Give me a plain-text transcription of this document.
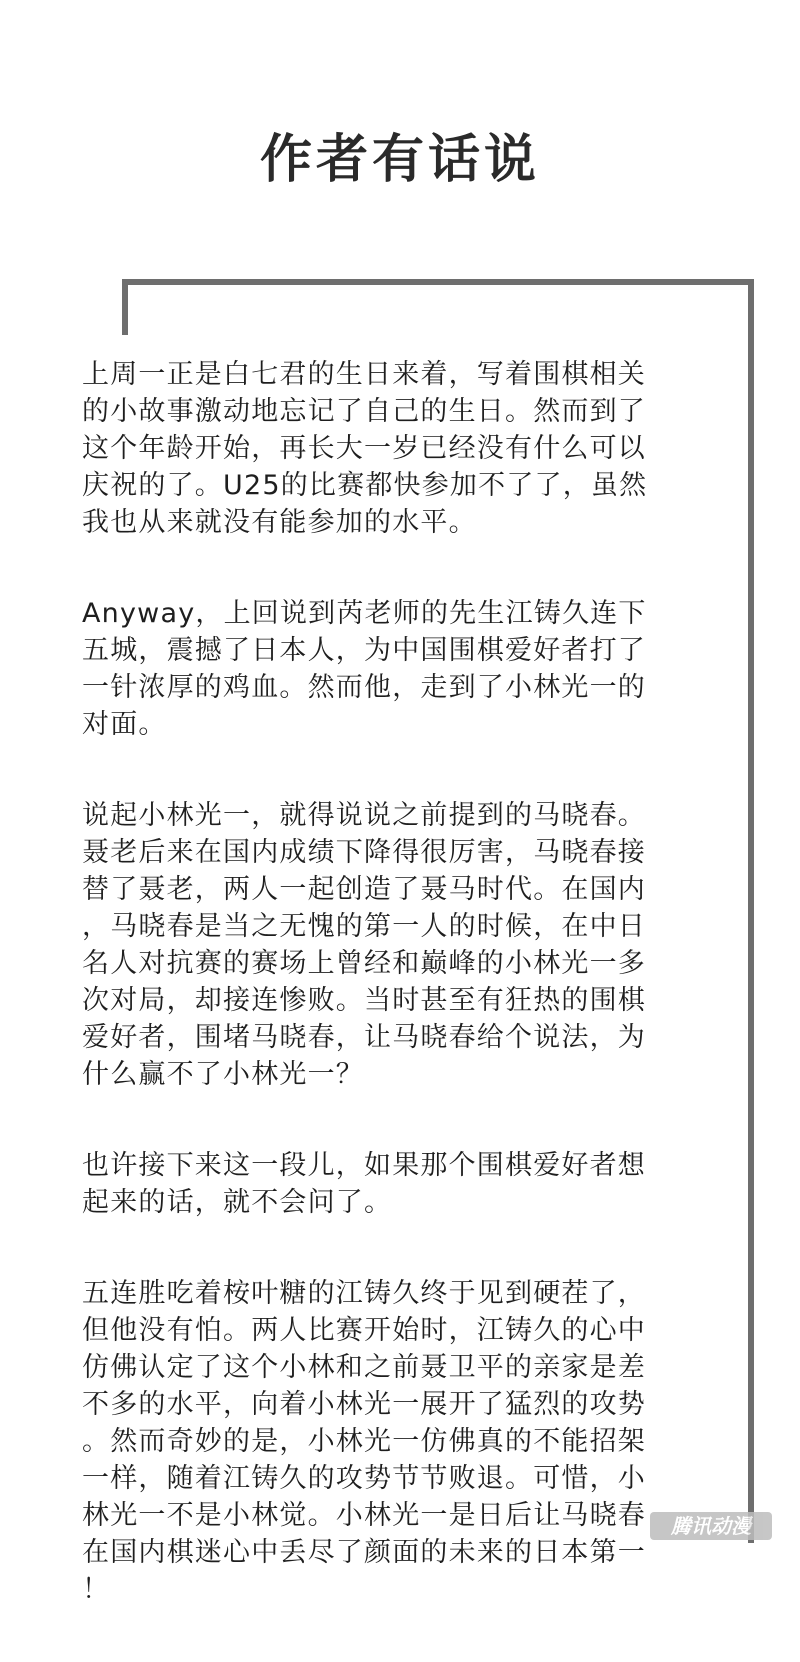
作者有话说
上周一正是白七君的生日来着，写着围棋相关
的小故事激动地忘记了自己的生日。然而到了
这个年龄开始，再长大一岁已经没有什么可以
庆祝的了。U25的比赛都快参加不了了，虽然
我也从来就没有能参加的水平。
Anyway，上回说到芮老师的先生江铸久连下
五城，震撼了日本人，为中国围棋爱好者打了
一针浓厚的鸡血。然而他，走到了小林光一的
对面。
说起小林光一，就得说说之前提到的马晓春。
聂老后来在国内成绩下降得很厉害，马晓春接
替了聂老，两人一起创造了聂马时代。在国内
，马晓春是当之无愧的第一人的时候，在中日
名人对抗赛的赛场上曾经和巅峰的小林光一多
次对局，却接连惨败。当时甚至有狂热的围棋
爱好者，围堵马晓春，让马晓春给个说法，为
什么赢不了小林光一？
也许接下来这一段儿，如果那个围棋爱好者想
起来的话，就不会问了。
五连胜吃着桉叶糖的江铸久终于见到硬茬了，
但他没有怕。两人比赛开始时，江铸久的心中
仿佛认定了这个小林和之前聂卫平的亲家是差
不多的水平，向着小林光一展开了猛烈的攻势
。然而奇妙的是，小林光一仿佛真的不能招架
一样，随着江铸久的攻势节节败退。可惜，小
林光一不是小林觉。小林光一是日后让马晓春
在国内棋迷心中丢尽了颜面的未来的日本第一
！
腾讯动漫
